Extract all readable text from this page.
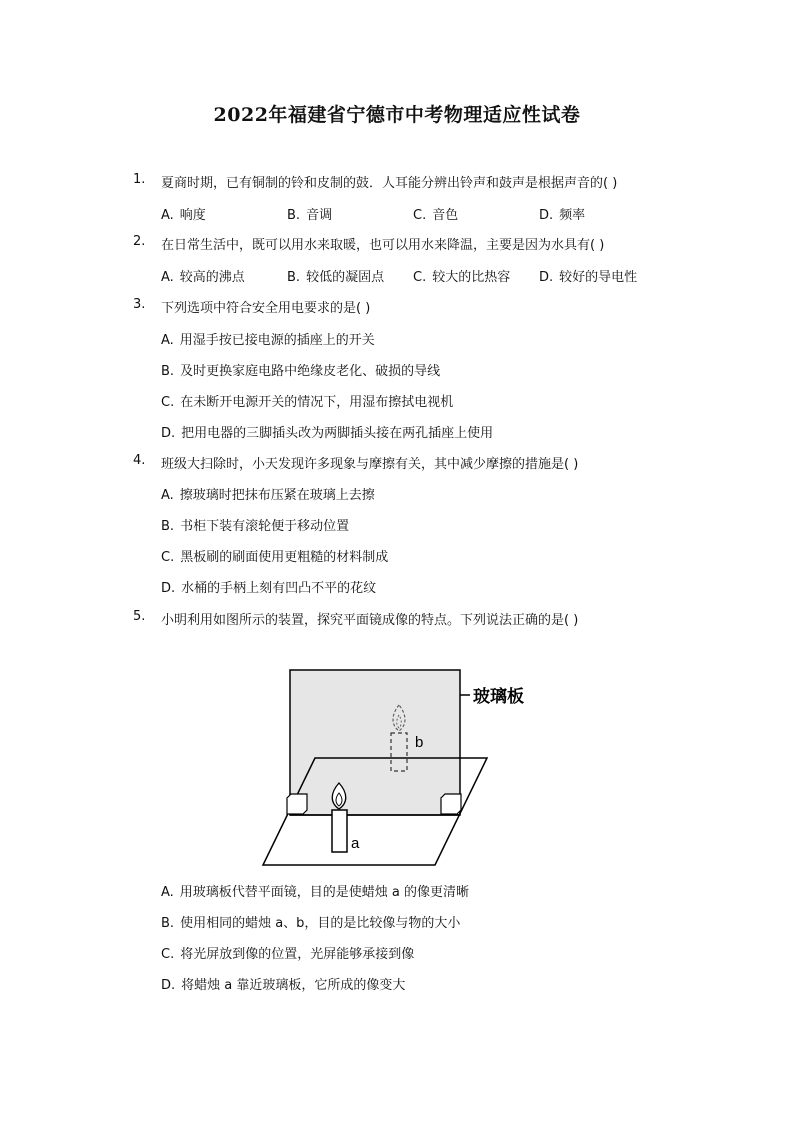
2022年福建省宁德市中考物理适应性试卷
1. 夏商时期，已有铜制的铃和皮制的鼓．人耳能分辨出铃声和鼓声是根据声音的( )
A. 响度	B. 音调	C. 音色	D. 频率
2. 在日常生活中，既可以用水来取暖，也可以用水来降温，主要是因为水具有( )
A. 较高的沸点	B. 较低的凝固点 C. 较大的比热容 D. 较好的导电性
3. 下列选项中符合安全用电要求的是( )
A. 用湿手按已接电源的插座上的开关
B. 及时更换家庭电路中绝缘皮老化、破损的导线
C. 在未断开电源开关的情况下，用湿布擦拭电视机
D. 把用电器的三脚插头改为两脚插头接在两孔插座上使用
4. 班级大扫除时，小天发现许多现象与摩擦有关，其中减少摩擦的措施是( )
A. 擦玻璃时把抹布压紧在玻璃上去擦
B. 书柜下装有滚轮便于移动位置
C. 黑板刷的刷面使用更粗糙的材料制成
D. 水桶的手柄上刻有凹凸不平的花纹
5. 小明利用如图所示的装置，探究平面镜成像的特点。下列说法正确的是( )
b
a
玻璃板
A. 用玻璃板代替平面镜，目的是使蜡烛 a 的像更清晰
B. 使用相同的蜡烛 a、b，目的是比较像与物的大小
C. 将光屏放到像的位置，光屏能够承接到像
D. 将蜡烛 a 靠近玻璃板，它所成的像变大
